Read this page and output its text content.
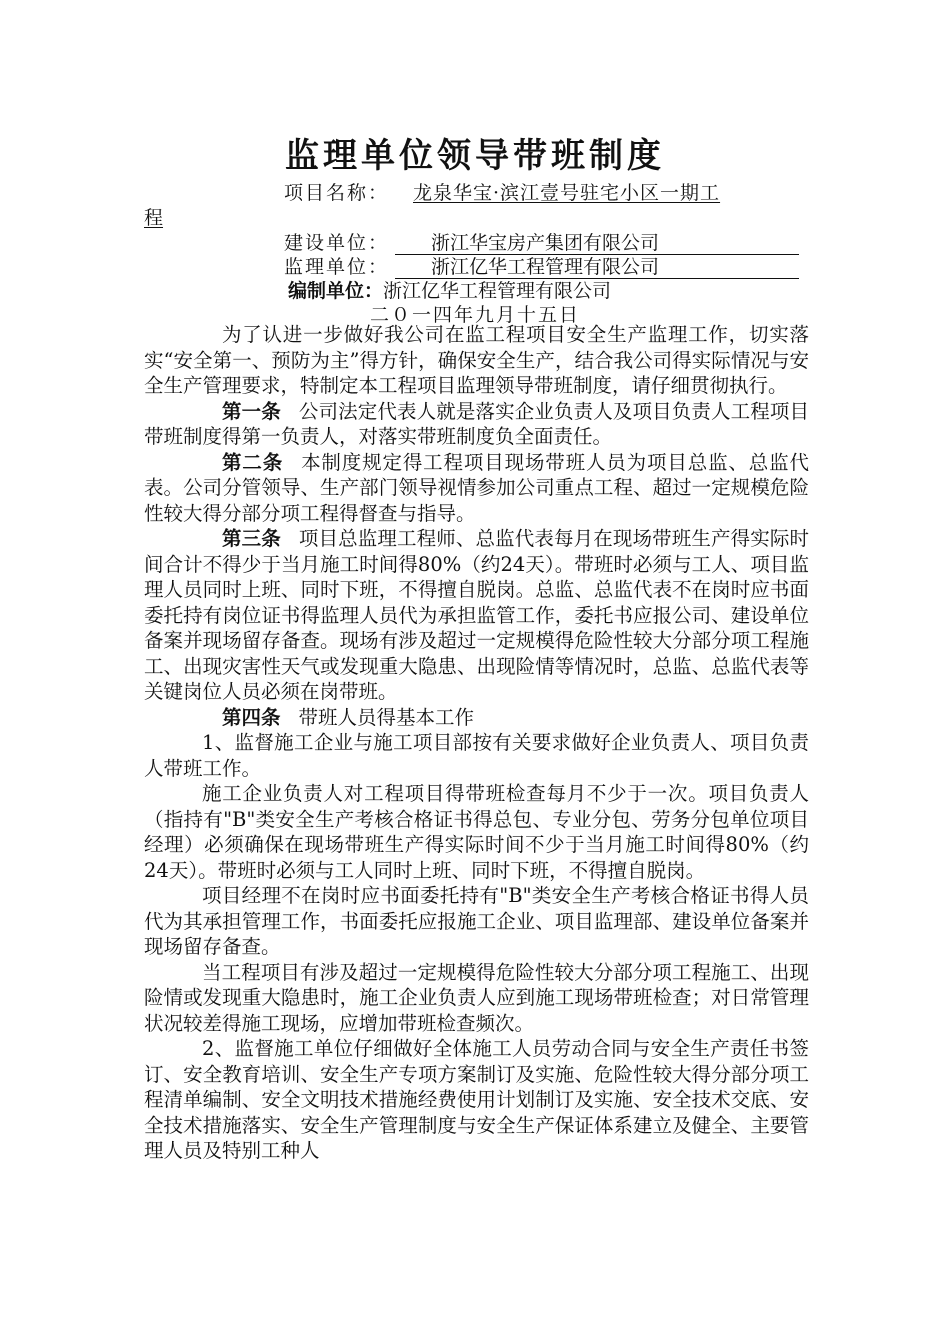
监理单位领导带班制度
项目名称： 龙泉华宝·滨江壹号驻宅小区一期工
程
建设单位： 浙江华宝房产集团有限公司
监理单位： 浙江亿华工程管理有限公司
编制单位：浙江亿华工程管理有限公司
二０一四年九月十五日

为了认进一步做好我公司在监工程项目安全生产监理工作，切实落实“安全第一、预防为主”得方针，确保安全生产，结合我公司得实际情况与安全生产管理要求，特制定本工程项目监理领导带班制度，请仔细贯彻执行。

第一条 公司法定代表人就是落实企业负责人及项目负责人工程项目带班制度得第一负责人，对落实带班制度负全面责任。

第二条 本制度规定得工程项目现场带班人员为项目总监、总监代表。公司分管领导、生产部门领导视情参加公司重点工程、超过一定规模危险性较大得分部分项工程得督查与指导。

第三条 项目总监理工程师、总监代表每月在现场带班生产得实际时间合计不得少于当月施工时间得80%（约24天）。带班时必须与工人、项目监理人员同时上班、同时下班，不得擅自脱岗。总监、总监代表不在岗时应书面委托持有岗位证书得监理人员代为承担监管工作，委托书应报公司、建设单位备案并现场留存备查。现场有涉及超过一定规模得危险性较大分部分项工程施工、出现灾害性天气或发现重大隐患、出现险情等情况时，总监、总监代表等关键岗位人员必须在岗带班。

第四条 带班人员得基本工作

1、监督施工企业与施工项目部按有关要求做好企业负责人、项目负责人带班工作。

施工企业负责人对工程项目得带班检查每月不少于一次。项目负责人（指持有"B"类安全生产考核合格证书得总包、专业分包、劳务分包单位项目经理）必须确保在现场带班生产得实际时间不少于当月施工时间得80%（约24天）。带班时必须与工人同时上班、同时下班，不得擅自脱岗。

项目经理不在岗时应书面委托持有"B"类安全生产考核合格证书得人员代为其承担管理工作，书面委托应报施工企业、项目监理部、建设单位备案并现场留存备查。

当工程项目有涉及超过一定规模得危险性较大分部分项工程施工、出现险情或发现重大隐患时，施工企业负责人应到施工现场带班检查；对日常管理状况较差得施工现场，应增加带班检查频次。

2、监督施工单位仔细做好全体施工人员劳动合同与安全生产责任书签订、安全教育培训、安全生产专项方案制订及实施、危险性较大得分部分项工程清单编制、安全文明技术措施经费使用计划制订及实施、安全技术交底、安全技术措施落实、安全生产管理制度与安全生产保证体系建立及健全、主要管理人员及特别工种人
